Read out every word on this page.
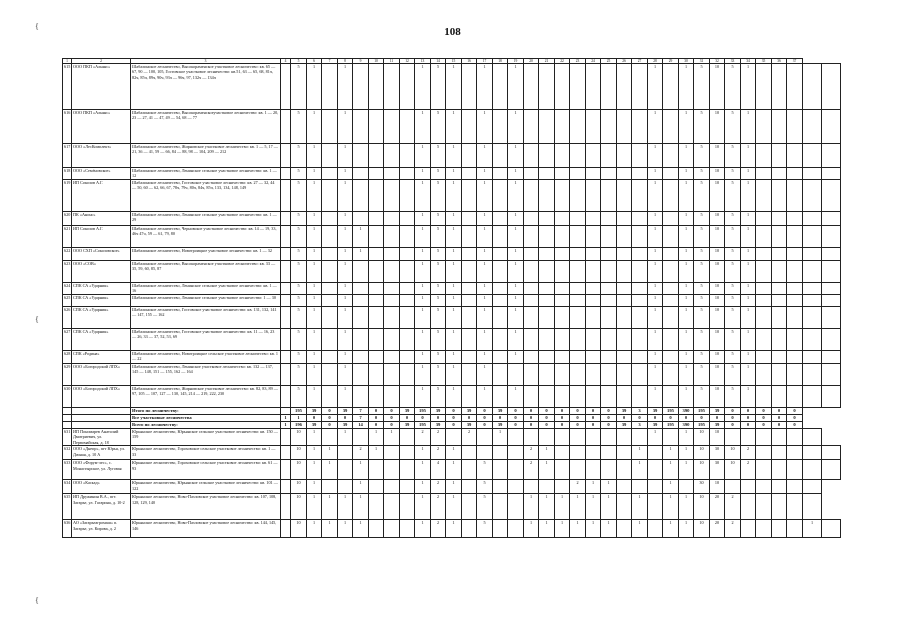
108
{
{
{
1	2	3	4	5	6	7	8	9	10	11	12	13	14	15	16	17	18	19	20	21	22	23	24	25	26	27	28	29	30	31	32	33	34	35	36	37		
615	ООО ПКП «Альянс»	Шабалинское лесничество, Высокораменское участковое лесничество: кв. 65 — 67, 90 — 100, 105, Гостовское участковое лесничество: кв.51, 63 — 65, 68, 81ч, 82ч, 85ч, 89ч, 90ч, 93ч — 96ч, 97, 132ч — 134ч		5	1		1					1	5	1		1		1									1		1	5	10	5	1					
616	ООО ПКП «Альянс»	Шабалинское лесничество, Высокораменскоеучастковое лесничество: кв. 1 — 20, 23 — 27, 41 — 47, 49 — 54, 68 — 77		5	1		1					1	5	1		1		1									1		1	5	10	5	1					
617	ООО «ЛесКомплект»	Шабалинское лесничество, Жирновское участковое лесничество: кв. 1 — 5, 17 — 21, 36 — 41, 59 — 66, 84 — 88, 98 — 104, 209 — 212		5	1		1					1	5	1		1		1									1		1	5	10	5	1					
618	ООО «Семёновское»	Шабалинское лесничество, Ленинское сельское участковое лесничество: кв. 1 — 12		5	1		1					1	5	1		1		1									1		1	5	10	5	1					
619	ИП Соколов А.Г.	Шабалинское лесничество, Гостовское участковое лесничество: кв. 27 — 32, 44 — 50, 60 — 62, 66, 67, 78ч, 79ч, 80ч, 84ч, 85ч, 133, 134, 148, 149		5	1		1					1	5	1		1		1									1		1	5	10	5	1					
620	ПК «Анонс»	Шабалинское лесничество, Ленинское сельское участковое лесничество: кв. 1 — 29		5	1		1					1	5	1		1		1									1		1	5	10	5	1					
621	ИП Соколов А.Г.	Шабалинское лесничество, Черновское участковое лесничество: кв. 14 — 19, 33, 46ч 47ч, 59 — 61, 79, 80		5	1		1	1				1	5	1		1		1									1		1	5	10	5	1					
622	ООО СХП «Соколовское»	Шабалинское лесничество, Новотроицкое участковое лесничество: кв. 1 — 32		5	1		1	1				1	5	1		1		1									1		1	5	10	5	1					
623	ООО «СОВ»	Шабалинское лесничество, Высокораменское участковое лесничество: кв. 33 — 35, 59, 60, 85, 87		5	1		1					1	5	1		1		1									1		1	5	10	5	1					
624	СПК СА «Ударник»	Шабалинское лесничество, Ленинское сельское участковое лесничество: кв. 1 — 16		5	1		1					1	5	1		1		1									1		1	5	10	5	1					
625	СПК СА «Ударник»	Шабалинское лесничество, Ленинское сельское участковое лесничество: 1 — 30		5	1		1					1	5	1		1		1									1		1	5	10	5	1					
626	СПК СА «Ударник»	Шабалинское лесничество, Гостовское участковое лесничество: кв. 131, 132, 141 — 147, 155 — 162		5	1		1					1	5	1		1		1									1		1	5	10	5	1					
627	СПК СА «Ударник»	Шабалинское лесничество, Гостовское участковое лесничество: кв. 11 — 16, 23 — 26, 33 — 37, 52, 53, 69		5	1		1					1	5	1		1		1									1		1	5	10	5	1					
628	СПК «Родина»	Шабалинское лесничество, Новотроицкое сельское участковое лесничество: кв. 1 — 22		5	1		1					1	5	1		1		1									1		1	5	10	5	1					
629	ООО «Богородский ЛПХ»	Шабалинское лесничество, Ленинское участковое лесничество: кв. 132 — 137, 145 — 148, 151 — 155, 162 — 164		5	1		1					1	5	1		1											1		1	5	10	5	1					
630	ООО «Богородский ЛПХ»	Шабалинское лесничество, Жирновское участковое лесничество: кв. 82, 83, 89 — 97, 105 — 107, 127 — 130, 145, 214 — 219, 222, 230		5	1		1					1	5	1		1		1									1		1	5	10	5	1					
		Итого по лесничеству:		195	39	0	39	7	0	0	39	195	39	0	39	0	39	0	0	0	0	0	0	0	39	3	39	195	390	195	39	0	0	0	0	0		
		Все участковые лесничества	1	1	0	0	0	7	0	0	0	0	0	0	0	0	0	0	0	0	0	0	0	0	0	0	0	0	0	0	0	0	0	0	0	0		
		Всего по лесничеству:	1	196	39	0	39	14	0	0	39	195	39	0	39	0	39	0	0	0	0	0	0	0	39	3	39	195	390	195	39	0	0	0	0	0		
631	ИП Пономарев Анатолий Дмитриевич, ул. Первомайская, д. 18	Юрьянское лесничество, Юрьянское сельское участковое лесничество: кв. 150 — 159		10	1		1		1	1		2	2		2		1										1		1	10	10							
632	ООО «Днепр», пгт Юрья, ул. Дачная, д. 10 А	Юрьянское лесничество, Гороховское сельское участковое лесничество: кв. 1 — 33		10	1	1		2	1			1	2	1					2	1						1		1	1	10	30	10	2					
633	ООО «Форум-лес», с. Монастырское, ул. Луговая	Юрьянское лесничество, Гороховское сельское участковое лесничество: кв. 61 — 93		10	1	1		1				1	4	1		5			2	1						1		1	1	10	30	10	2					
634	ООО «Каскад»	Юрьянское лесничество, Юрьянское сельское участковое лесничество: кв. 101 — 122		10	1			1				1	2	1		5						2	1	1				1		30	10							
635	ИП Дружинин В.А., пгт. Загарье, ул. Гагарина, д. 10-2	Юрьянское лесничество, Ново-Пазловское участковое лесничество: кв. 107, 108, 128, 129, 140		10	1	1	1	1				1	2	1		5			1	1	1	1	1	1		1		1	1	10	20	2						
636	АО «Загарьеагромаш» п. Загарье, ул. Кирова, д. 2	Юрьянское лесничество, Ново-Пазловское участковое лесничество: кв. 144, 145, 146		10	1	1	1	1				1	2	1		5			1	1	1	1	1	1		1		1	1	10	20	2					1	
